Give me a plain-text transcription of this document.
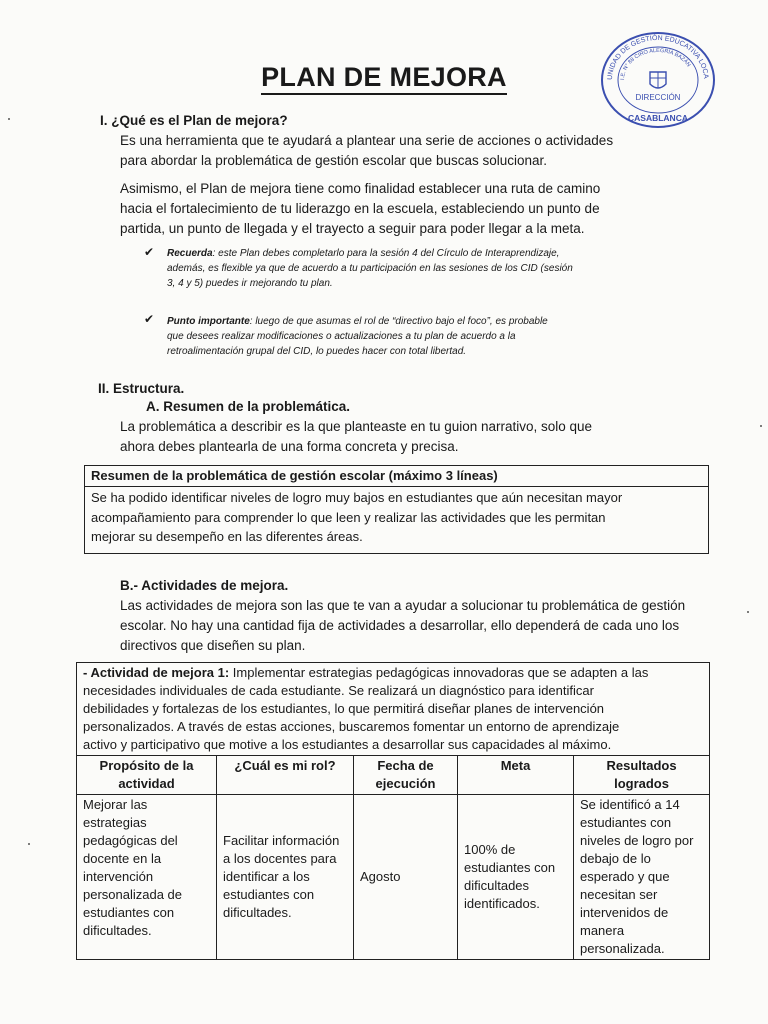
UNIDAD DE GESTIÓN EDUCATIVA LOCA
I.E. N° 88 CIRO ALEGRÍA BAZÁN
DIRECCIÓN
CASABLANCA
PLAN DE MEJORA
I. ¿Qué es el Plan de mejora?
Es una herramienta que te ayudará a plantear una serie de acciones o actividades
para abordar la problemática de gestión escolar que buscas solucionar.
Asimismo, el Plan de mejora tiene como finalidad establecer una ruta de camino
hacia el fortalecimiento de tu liderazgo en la escuela, estableciendo un punto de
partida, un punto de llegada y el trayecto a seguir para poder llegar a la meta.
✔ Recuerda: este Plan debes completarlo para la sesión 4 del Círculo de Interaprendizaje,
además, es flexible ya que de acuerdo a tu participación en las sesiones de los CID (sesión
3, 4 y 5) puedes ir mejorando tu plan.
✔ Punto importante: luego de que asumas el rol de “directivo bajo el foco”, es probable
que desees realizar modificaciones o actualizaciones a tu plan de acuerdo a la
retroalimentación grupal del CID, lo puedes hacer con total libertad.
II. Estructura.
A. Resumen de la problemática.
La problemática a describir es la que planteaste en tu guion narrativo, solo que
ahora debes plantearla de una forma concreta y precisa.
Resumen de la problemática de gestión escolar (máximo 3 líneas)
Se ha podido identificar niveles de logro muy bajos en estudiantes que aún necesitan mayor
acompañamiento para comprender lo que leen y realizar las actividades que les permitan
mejorar su desempeño en las diferentes áreas.
B.- Actividades de mejora.
Las actividades de mejora son las que te van a ayudar a solucionar tu problemática de gestión
escolar. No hay una cantidad fija de actividades a desarrollar, ello dependerá de cada uno los
directivos que diseñen su plan.
- Actividad de mejora 1: Implementar estrategias pedagógicas innovadoras que se adapten a las
necesidades individuales de cada estudiante. Se realizará un diagnóstico para identificar
debilidades y fortalezas de los estudiantes, lo que permitirá diseñar planes de intervención
personalizados. A través de estas acciones, buscaremos fomentar un entorno de aprendizaje
activo y participativo que motive a los estudiantes a desarrollar sus capacidades al máximo.				

Propósito de la actividad	¿Cuál es mi rol?	Fecha de ejecución	Meta	Resultados logrados
Mejorar las estrategias pedagógicas del docente en la intervención personalizada de estudiantes con dificultades.	Facilitar información a los docentes para identificar a los estudiantes con dificultades.	Agosto	100% de estudiantes con dificultades identificados.	Se identificó a 14 estudiantes con niveles de logro por debajo de lo esperado y que necesitan ser intervenidos de manera personalizada.
